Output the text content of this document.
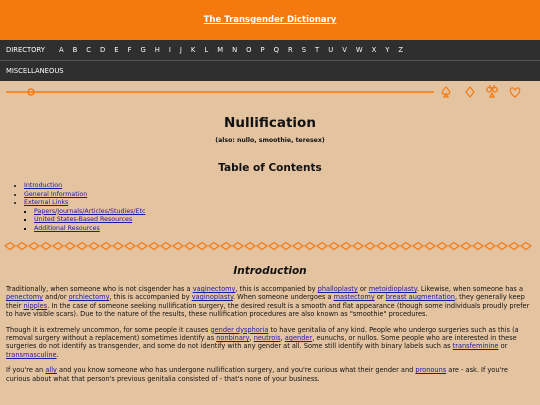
The Transgender Dictionary
DIRECTORY A B C D E F G H I J K L M N O P Q R S T U V W X Y Z
MISCELLANEOUS
Nullification
(also: nullo, smoothie, teresex)
Table of Contents
• Introduction
• General Information
• External Links
▪ Papers/Journals/Articles/Studies/Etc
▪ United States-Based Resources
▪ Additional Resources
Introduction

Traditionally, when someone who is not cisgender has a vaginectomy, this is accompanied by phalloplasty or metoidioplasty. Likewise, when someone has a penectomy and/or orchiectomy, this is accompanied by vaginoplasty. When someone undergoes a mastectomy or breast augmentation, they generally keep their nipples. In the case of someone seeking nullification surgery, the desired result is a smooth and flat appearance (though some individuals proudly prefer to have visible scars). Due to the nature of the results, these nullification procedures are also known as "smoothie" procedures.

Though it is extremely uncommon, for some people it causes gender dysphoria to have genitalia of any kind. People who undergo surgeries such as this (a removal surgery without a replacement) sometimes identify as nonbinary, neutrois, agender, eunuchs, or nullos. Some people who are interested in these surgeries do not identify as transgender, and some do not identify with any gender at all. Some still identify with binary labels such as transfeminine or transmasculine.

If you're an ally and you know someone who has undergone nullification surgery, and you're curious what their gender and pronouns are - ask. If you're curious about what that person's previous genitalia consisted of - that's none of your business.
